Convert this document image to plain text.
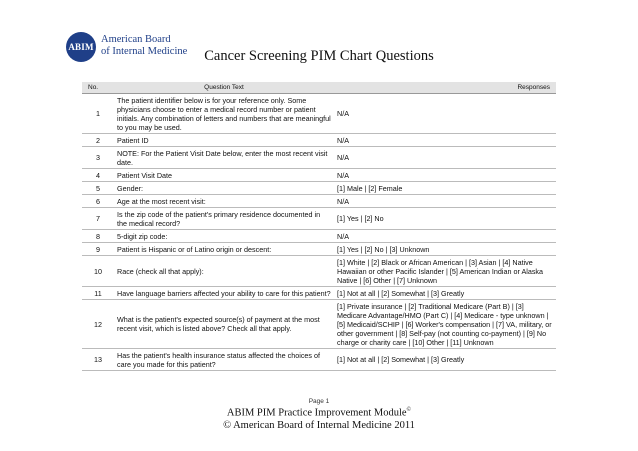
ABIM
American Board
of Internal Medicine	Cancer Screening PIM Chart Questions
No.	Question Text	Responses
1	The patient identifier below is for your reference only. Some physicians choose to enter a medical record number or patient initials. Any combination of letters and numbers that are meaningful to you may be used.	N/A
2	Patient ID	N/A
3	NOTE: For the Patient Visit Date below, enter the most recent visit date.	N/A
4	Patient Visit Date	N/A
5	Gender:	[1] Male | [2] Female
6	Age at the most recent visit:	N/A
7	Is the zip code of the patient's primary residence documented in the medical record?	[1] Yes | [2] No
8	5-digit zip code:	N/A
9	Patient is Hispanic or of Latino origin or descent:	[1] Yes | [2] No | [3] Unknown
10	Race (check all that apply):	[1] White | [2] Black or African American | [3] Asian | [4] Native Hawaiian or other Pacific Islander | [5] American Indian or Alaska Native | [6] Other | [7] Unknown
11	Have language barriers affected your ability to care for this patient?	[1] Not at all | [2] Somewhat | [3] Greatly
12	What is the patient's expected source(s) of payment at the most recent visit, which is listed above? Check all that apply.	[1] Private insurance | [2] Traditional Medicare (Part B) | [3] Medicare Advantage/HMO (Part C) | [4] Medicare - type unknown | [5] Medicaid/SCHIP | [6] Worker's compensation | [7] VA, military, or other government | [8] Self-pay (not counting co-payment) | [9] No charge or charity care | [10] Other | [11] Unknown
13	Has the patient's health insurance status affected the choices of care you made for this patient?	[1] Not at all | [2] Somewhat | [3] Greatly
Page 1
ABIM PIM Practice Improvement Module©
© American Board of Internal Medicine 2011
